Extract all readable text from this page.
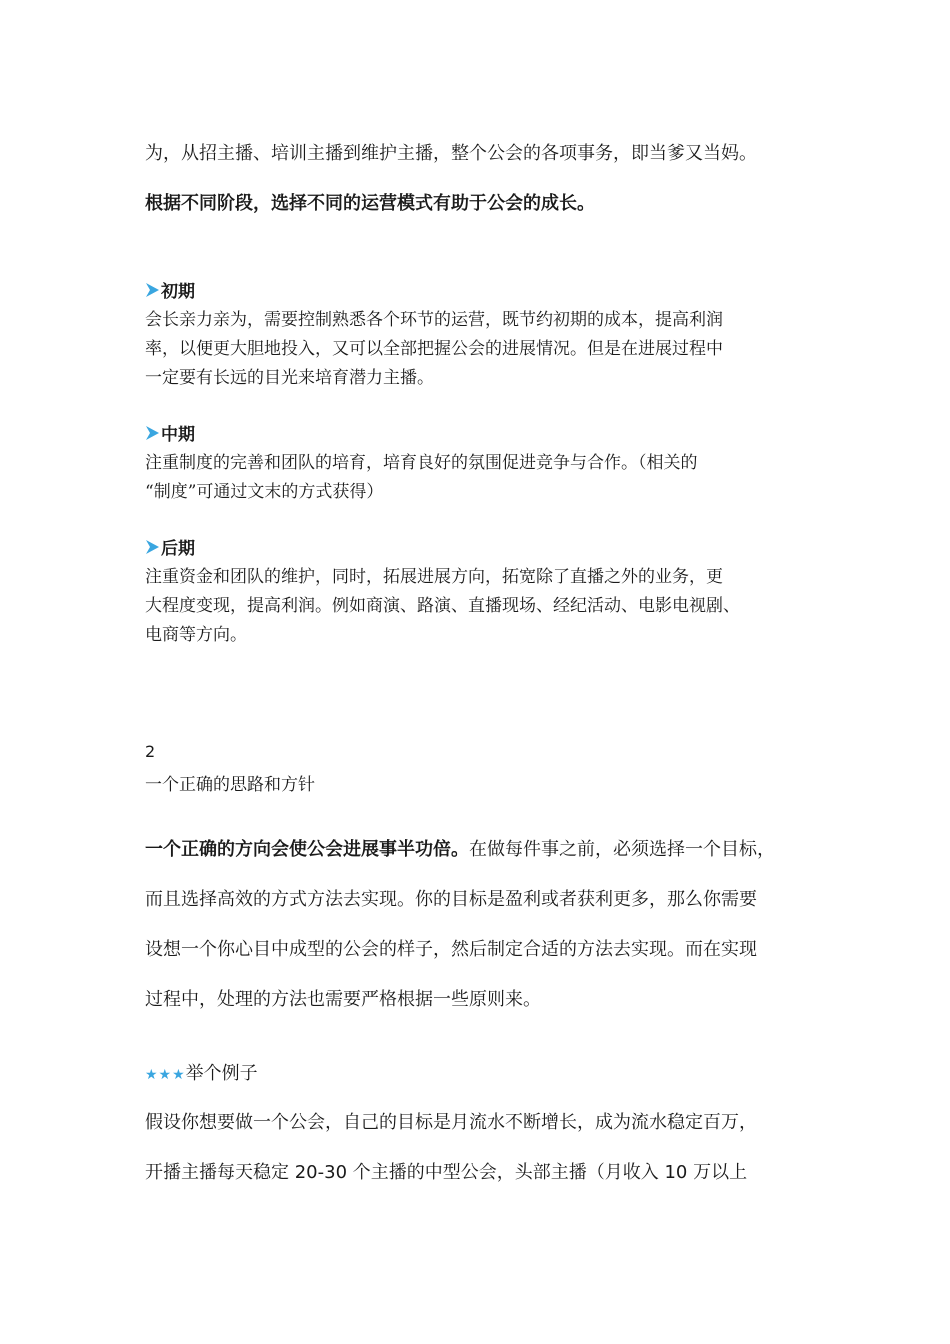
为，从招主播、培训主播到维护主播，整个公会的各项事务，即当爹又当妈。

根据不同阶段，选择不同的运营模式有助于公会的成长。

初期
会长亲力亲为，需要控制熟悉各个环节的运营，既节约初期的成本，提高利润
率，以便更大胆地投入，又可以全部把握公会的进展情况。但是在进展过程中
一定要有长远的目光来培育潜力主播。
中期
注重制度的完善和团队的培育，培育良好的氛围促进竞争与合作。（相关的
“制度”可通过文末的方式获得）
后期
注重资金和团队的维护，同时，拓展进展方向，拓宽除了直播之外的业务，更
大程度变现，提高利润。例如商演、路演、直播现场、经纪活动、电影电视剧、
电商等方向。
2
一个正确的思路和方针

一个正确的方向会使公会进展事半功倍。在做每件事之前，必须选择一个目标，

而且选择高效的方式方法去实现。你的目标是盈利或者获利更多，那么你需要

设想一个你心目中成型的公会的样子，然后制定合适的方法去实现。而在实现

过程中，处理的方法也需要严格根据一些原则来。

★★★举个例子

假设你想要做一个公会，自己的目标是月流水不断增长，成为流水稳定百万，

开播主播每天稳定 20-30 个主播的中型公会，头部主播（月收入 10 万以上
